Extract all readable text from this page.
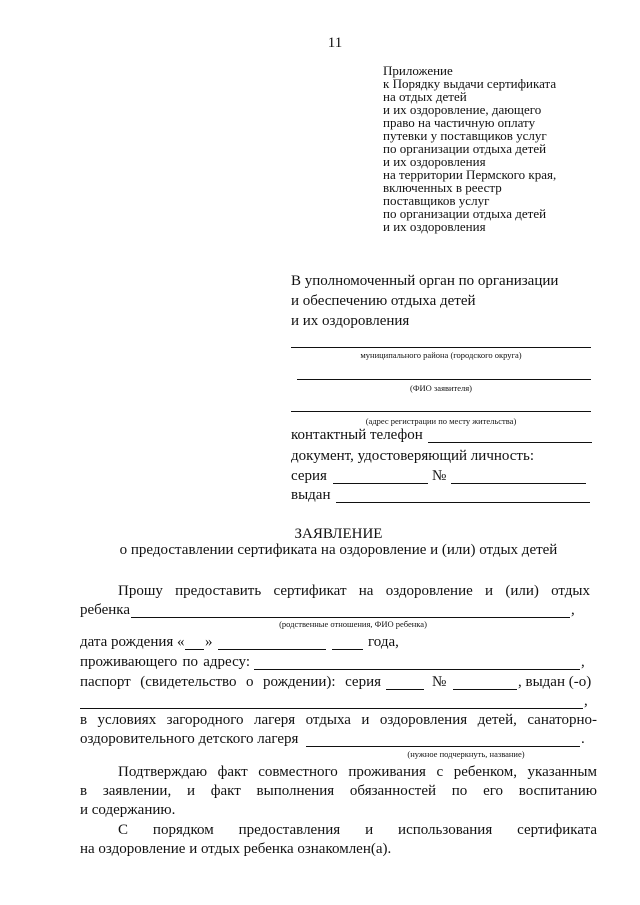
11
Приложение
к Порядку выдачи сертификата
на отдых детей
и их оздоровление, дающего
право на частичную оплату
путевки у поставщиков услуг
по организации отдыха детей
и их оздоровления
на территории Пермского края,
включенных в реестр
поставщиков услуг
по организации отдыха детей
и их оздоровления
В уполномоченный орган по организации
и обеспечению отдыха детей
и их оздоровления
муниципального района (городского округа)
(ФИО заявителя)
(адрес регистрации по месту жительства)
контактный телефон
документ, удостоверяющий личность:
серия	№
выдан
ЗАЯВЛЕНИЕ
о предоставлении сертификата на оздоровление и (или) отдых детей
Прошу предоставить сертификат на оздоровление и (или) отдых
ребенка	,
(родственные отношения, ФИО ребенка)
дата рождения « »	года,
проживающего по адресу:	,
паспорт (свидетельство о рождении): серия	№	, выдан (-о)
,
в условиях загородного лагеря отдыха и оздоровления детей, санаторно-
оздоровительного детского лагеря	.
(нужное подчеркнуть, название)
Подтверждаю факт совместного проживания с ребенком, указанным
в заявлении, и факт выполнения обязанностей по его воспитанию
и содержанию.
С порядком предоставления и использования сертификата
на оздоровление и отдых ребенка ознакомлен(а).
